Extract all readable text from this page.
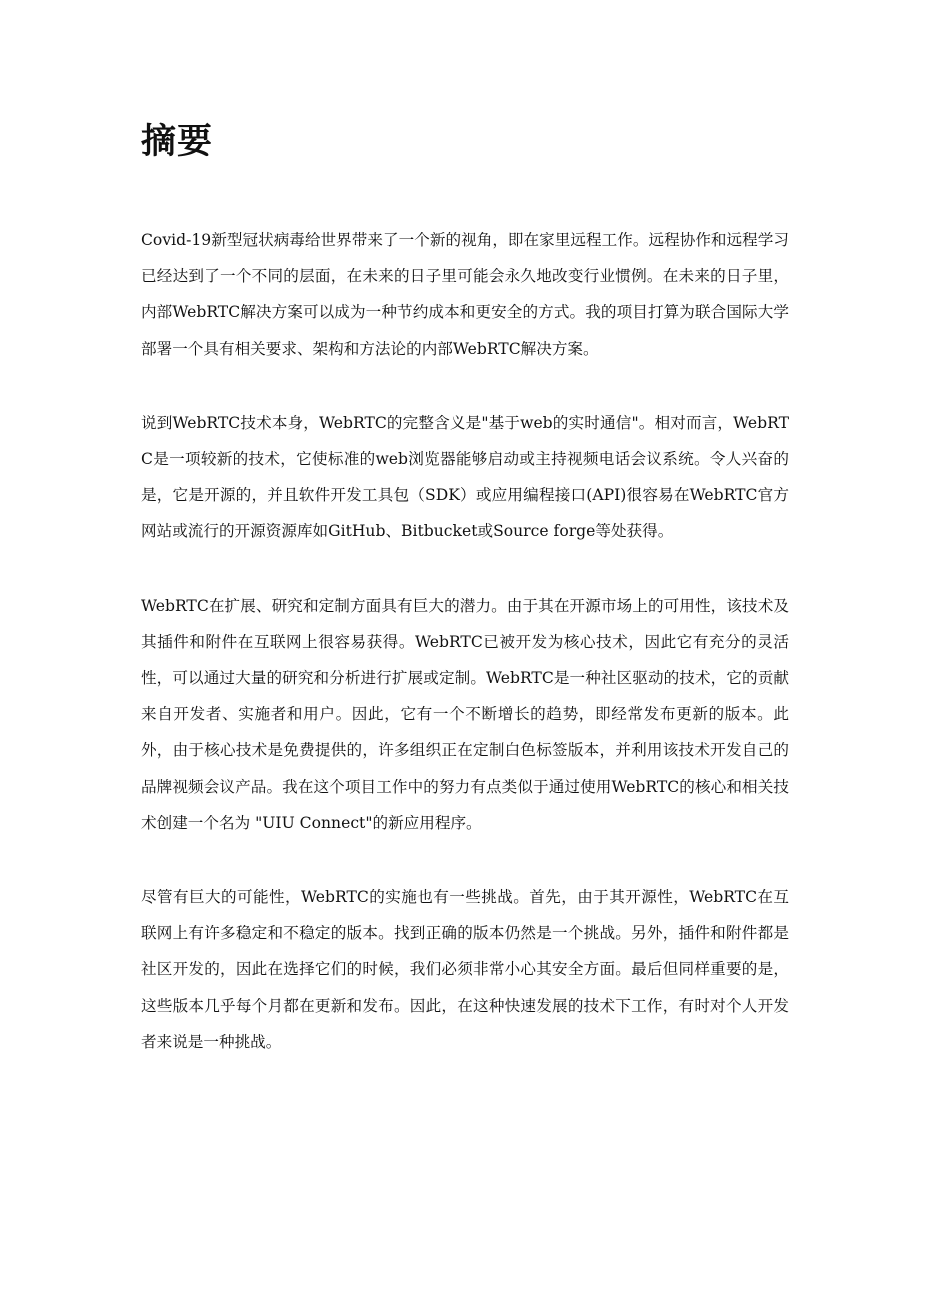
摘要

Covid-19新型冠状病毒给世界带来了一个新的视角，即在家里远程工作。远程协作和远程学习已经达到了一个不同的层面，在未来的日子里可能会永久地改变行业惯例。在未来的日子里，内部WebRTC解决方案可以成为一种节约成本和更安全的方式。我的项目打算为联合国际大学部署一个具有相关要求、架构和方法论的内部WebRTC解决方案。

说到WebRTC技术本身，WebRTC的完整含义是"基于web的实时通信"。相对而言，WebRTC是一项较新的技术，它使标准的web浏览器能够启动或主持视频电话会议系统。令人兴奋的是，它是开源的，并且软件开发工具包（SDK）或应用编程接口(API)很容易在WebRTC官方网站或流行的开源资源库如GitHub、Bitbucket或Source forge等处获得。

WebRTC在扩展、研究和定制方面具有巨大的潜力。由于其在开源市场上的可用性，该技术及其插件和附件在互联网上很容易获得。WebRTC已被开发为核心技术，因此它有充分的灵活性，可以通过大量的研究和分析进行扩展或定制。WebRTC是一种社区驱动的技术，它的贡献来自开发者、实施者和用户。因此，它有一个不断增长的趋势，即经常发布更新的版本。此外，由于核心技术是免费提供的，许多组织正在定制白色标签版本，并利用该技术开发自己的品牌视频会议产品。我在这个项目工作中的努力有点类似于通过使用WebRTC的核心和相关技术创建一个名为 "UIU Connect"的新应用程序。

尽管有巨大的可能性，WebRTC的实施也有一些挑战。首先，由于其开源性，WebRTC在互联网上有许多稳定和不稳定的版本。找到正确的版本仍然是一个挑战。另外，插件和附件都是社区开发的，因此在选择它们的时候，我们必须非常小心其安全方面。最后但同样重要的是，这些版本几乎每个月都在更新和发布。因此，在这种快速发展的技术下工作，有时对个人开发者来说是一种挑战。
